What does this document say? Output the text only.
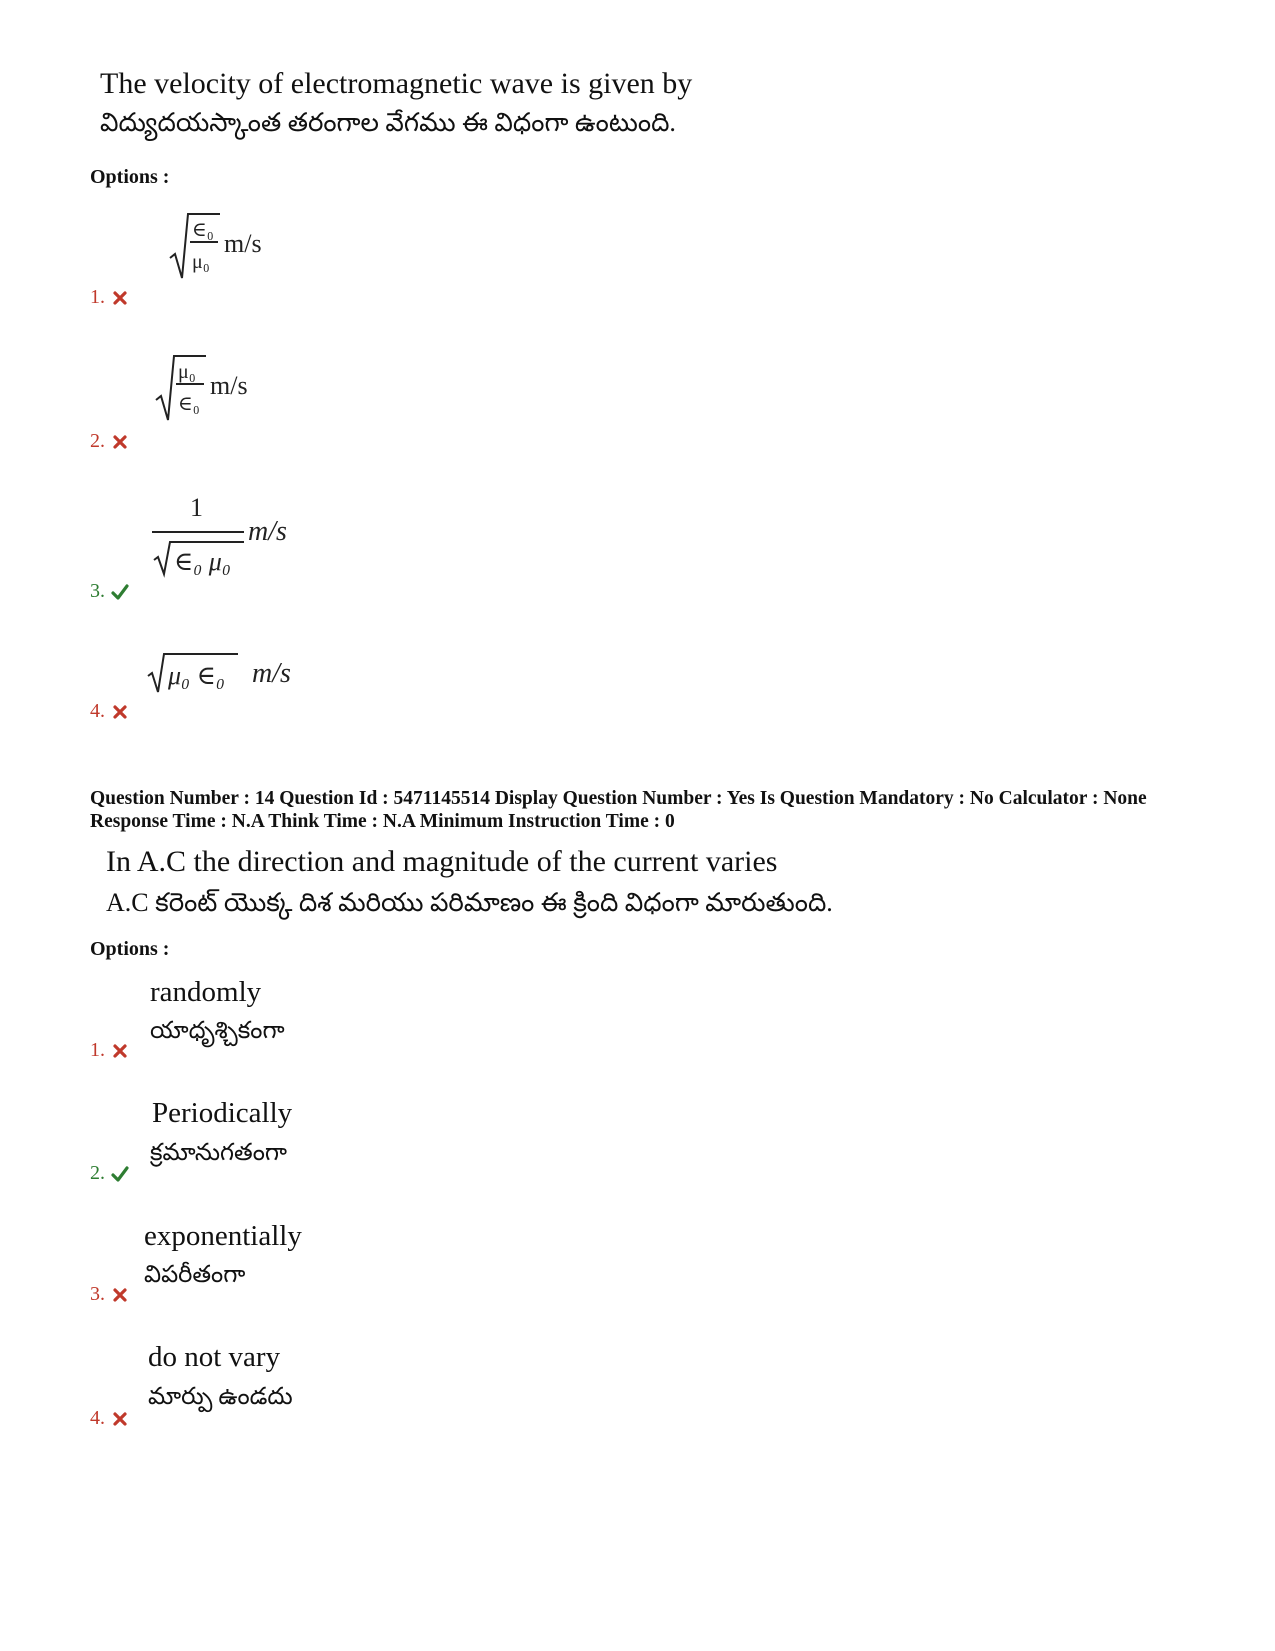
The velocity of electromagnetic wave is given by
విద్యుదయస్కాంత తరంగాల వేగము ఈ విధంగా ఉంటుంది.
Options :
∈₀
μ₀
m/s
1.
μ₀
∈₀
m/s
2.
1
∈₀ μ₀
m/s
3.
μ₀ ∈₀ m/s
4.
Question Number : 14 Question Id : 5471145514 Display Question Number : Yes Is Question Mandatory : No Calculator : None Response Time : N.A Think Time : N.A Minimum Instruction Time : 0
In A.C the direction and magnitude of the current varies
A.C కరెంట్ యొక్క దిశ మరియు పరిమాణం ఈ క్రింది విధంగా మారుతుంది.
Options :
randomly
యాధృశ్చికంగా
1.
Periodically
క్రమానుగతంగా
2.
exponentially
విపరీతంగా
3.
do not vary
మార్పు ఉండదు
4.
